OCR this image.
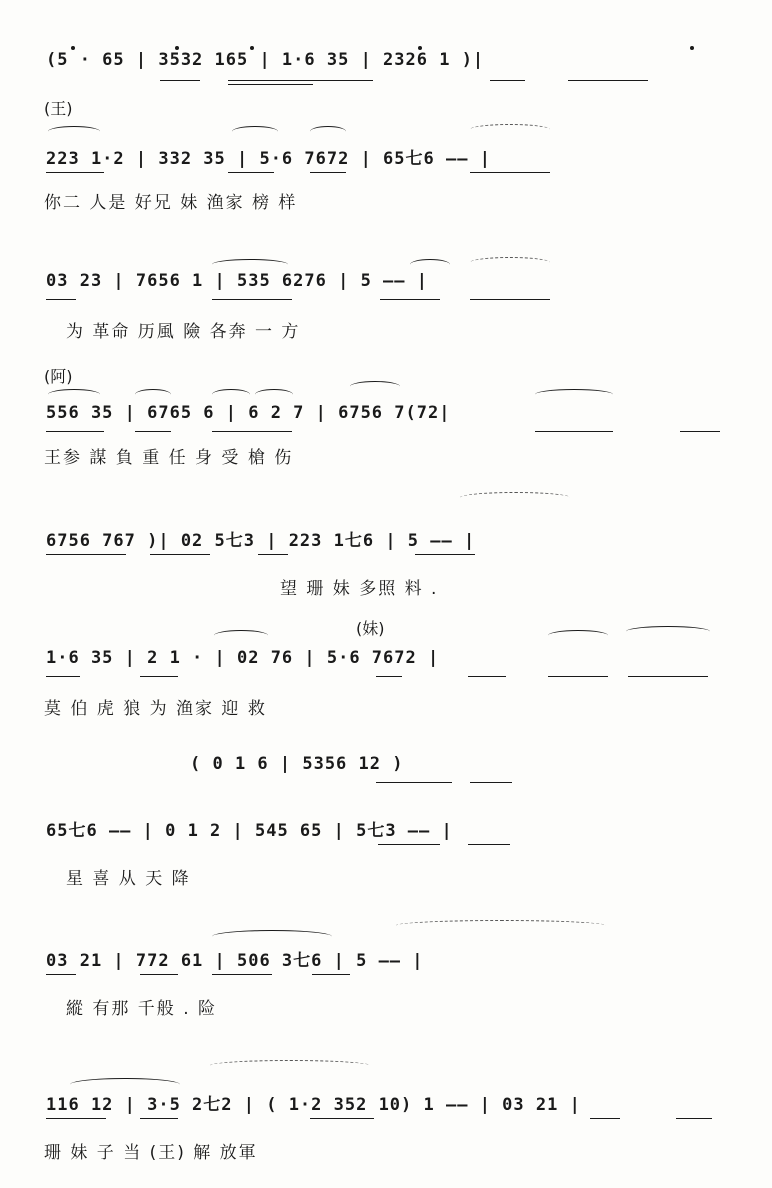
(5 · 65 | 3532 165 | 1·6 35 | 2326 1 )|
(王)
223 1·2 | 332 35 | 5·6 7672 | 65七6 —— |
你二 人是 好兄 妹 渔家 榜 样
03 23 | 7656 1 | 535 6276 | 5 —— |
为 革命 历風 險 各奔 一 方
(阿)
556 35 | 6765 6 | 6 2 7 | 6756 7(72|
王参 謀 負 重 任 身 受 槍 伤
6756 767 )| 02 5七3 | 223 1七6 | 5 —— |
望 珊 妹 多照 料 .
(妹)
1·6 35 | 2 1 · | 02 76 | 5·6 7672 |
莫 伯 虎 狼 为 渔家 迎 救
( 0 1 6 | 5356 12 )
65七6 —— | 0 1 2 | 545 65 | 5七3 —— |
星 喜 从 天 降
03 21 | 772 61 | 506 3七6 | 5 —— |
縱 有那 千般 . 险
116 12 | 3·5 2七2 | ( 1·2 352 10) 1 —— | 03 21 |
珊 妹 子 当 (王) 解 放軍
